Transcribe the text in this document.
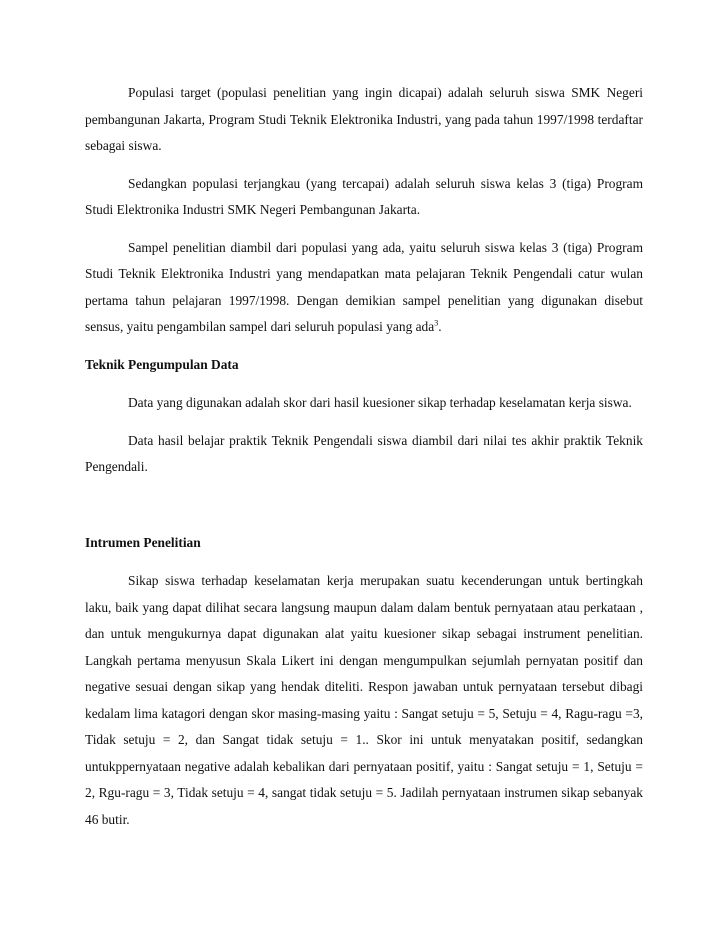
Populasi target (populasi penelitian yang ingin dicapai) adalah seluruh siswa SMK Negeri pembangunan Jakarta, Program Studi Teknik Elektronika Industri, yang pada tahun 1997/1998 terdaftar sebagai siswa.

Sedangkan populasi terjangkau (yang tercapai) adalah seluruh siswa kelas 3 (tiga) Program Studi Elektronika Industri SMK Negeri Pembangunan Jakarta.

Sampel penelitian diambil dari populasi yang ada, yaitu seluruh siswa kelas 3 (tiga) Program Studi Teknik Elektronika Industri yang mendapatkan mata pelajaran Teknik Pengendali catur wulan pertama tahun pelajaran 1997/1998. Dengan demikian sampel penelitian yang digunakan disebut sensus, yaitu pengambilan sampel dari seluruh populasi yang ada$^3$.

Teknik Pengumpulan Data

Data yang digunakan adalah skor dari hasil kuesioner sikap terhadap keselamatan kerja siswa.

Data hasil belajar praktik Teknik Pengendali siswa diambil dari nilai tes akhir praktik Teknik Pengendali.

Intrumen Penelitian

Sikap siswa terhadap keselamatan kerja merupakan suatu kecenderungan untuk bertingkah laku, baik yang dapat dilihat secara langsung maupun dalam dalam bentuk pernyataan atau perkataan , dan untuk mengukurnya dapat digunakan alat yaitu kuesioner sikap sebagai instrument penelitian. Langkah pertama menyusun Skala Likert ini dengan mengumpulkan sejumlah pernyatan positif dan negative sesuai dengan sikap yang hendak diteliti. Respon jawaban untuk pernyataan tersebut dibagi kedalam lima katagori dengan skor masing-masing yaitu : Sangat setuju = 5, Setuju = 4, Ragu-ragu =3, Tidak setuju = 2, dan Sangat tidak setuju = 1.. Skor ini untuk menyatakan positif, sedangkan untukppernyataan negative adalah kebalikan dari pernyataan positif, yaitu : Sangat setuju = 1, Setuju = 2, Rgu-ragu = 3, Tidak setuju = 4, sangat tidak setuju = 5. Jadilah pernyataan instrumen sikap sebanyak 46 butir.
